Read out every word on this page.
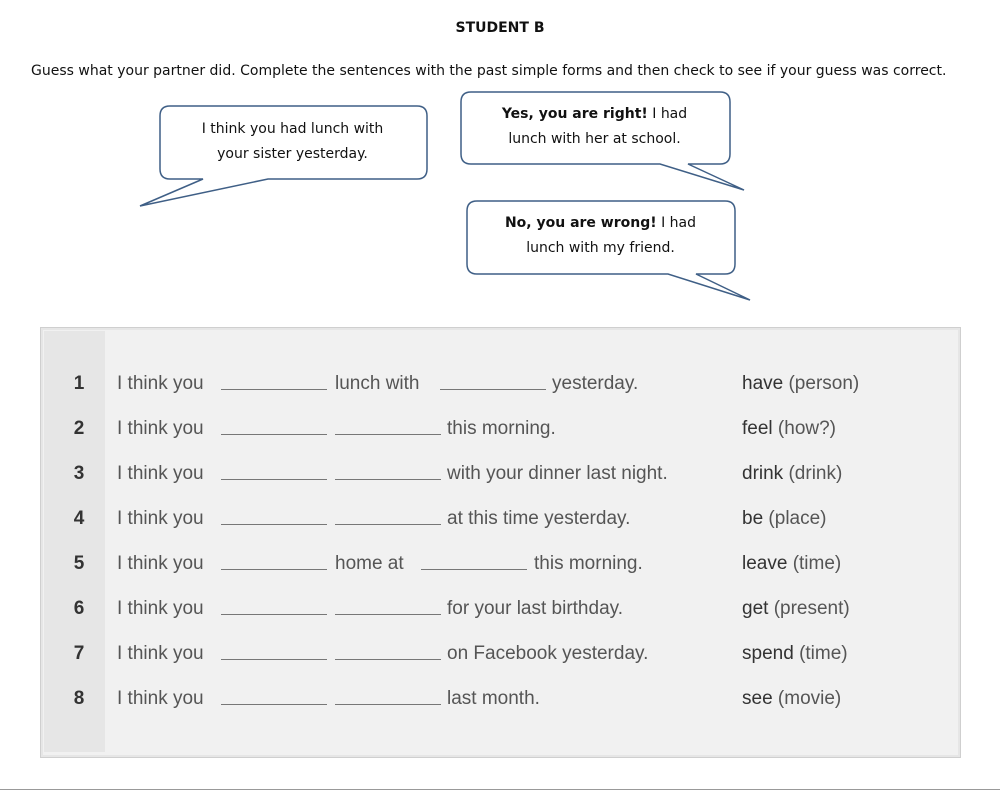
STUDENT B
Guess what your partner did. Complete the sentences with the past simple forms and then check to see if your guess was correct.
I think you had lunch with
your sister yesterday.
Yes, you are right! I had
lunch with her at school.
No, you are wrong! I had
lunch with my friend.
1	I think you	lunch with	yesterday.	have (person)
2	I think you	this morning.	feel (how?)
3	I think you	with your dinner last night.	drink (drink)
4	I think you	at this time yesterday.	be (place)
5	I think you	home at	this morning.	leave (time)
6	I think you	for your last birthday.	get (present)
7	I think you	on Facebook yesterday.	spend (time)
8	I think you	last month.	see (movie)
